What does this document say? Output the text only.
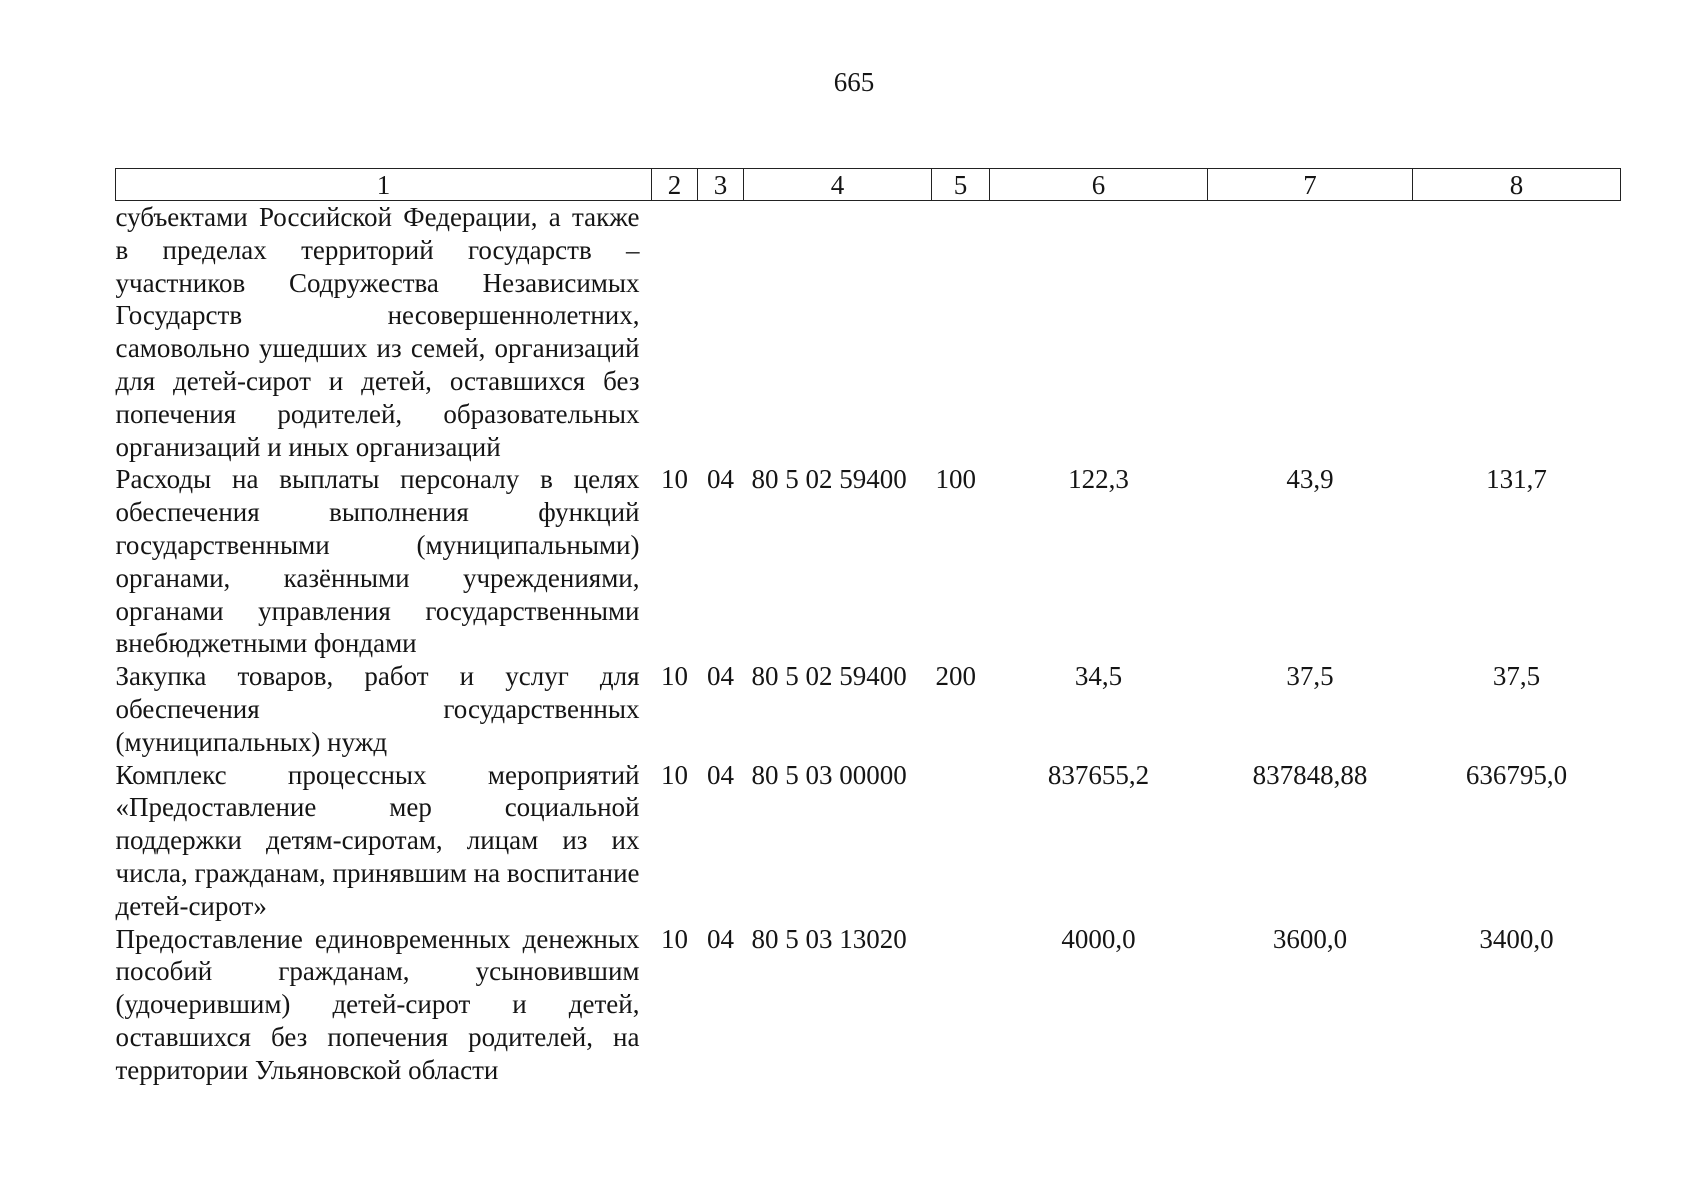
665
1	2	3	4	5	6	7	8
субъектами Российской Федерации, а также в пределах территорий государств – участников Содружества Независимых Государств несовершеннолетних, самовольно ушедших из семей, организаций для детей-сирот и детей, оставшихся без попечения родителей, образовательных организаций и иных организаций							
Расходы на выплаты персоналу в целях обеспечения выполнения функций государственными (муниципальными) органами, казёнными учреждениями, органами управления государственными внебюджетными фондами	10	04	80 5 02 59400	100	122,3	43,9	131,7
Закупка товаров, работ и услуг для обеспечения государственных (муниципальных) нужд	10	04	80 5 02 59400	200	34,5	37,5	37,5
Комплекс процессных мероприятий «Предоставление мер социальной поддержки детям-сиротам, лицам из их числа, гражданам, принявшим на воспитание детей-сирот»	10	04	80 5 03 00000		837655,2	837848,88	636795,0
Предоставление единовременных денежных пособий гражданам, усыновившим (удочерившим) детей-сирот и детей, оставшихся без попечения родителей, на территории Ульяновской области	10	04	80 5 03 13020		4000,0	3600,0	3400,0
